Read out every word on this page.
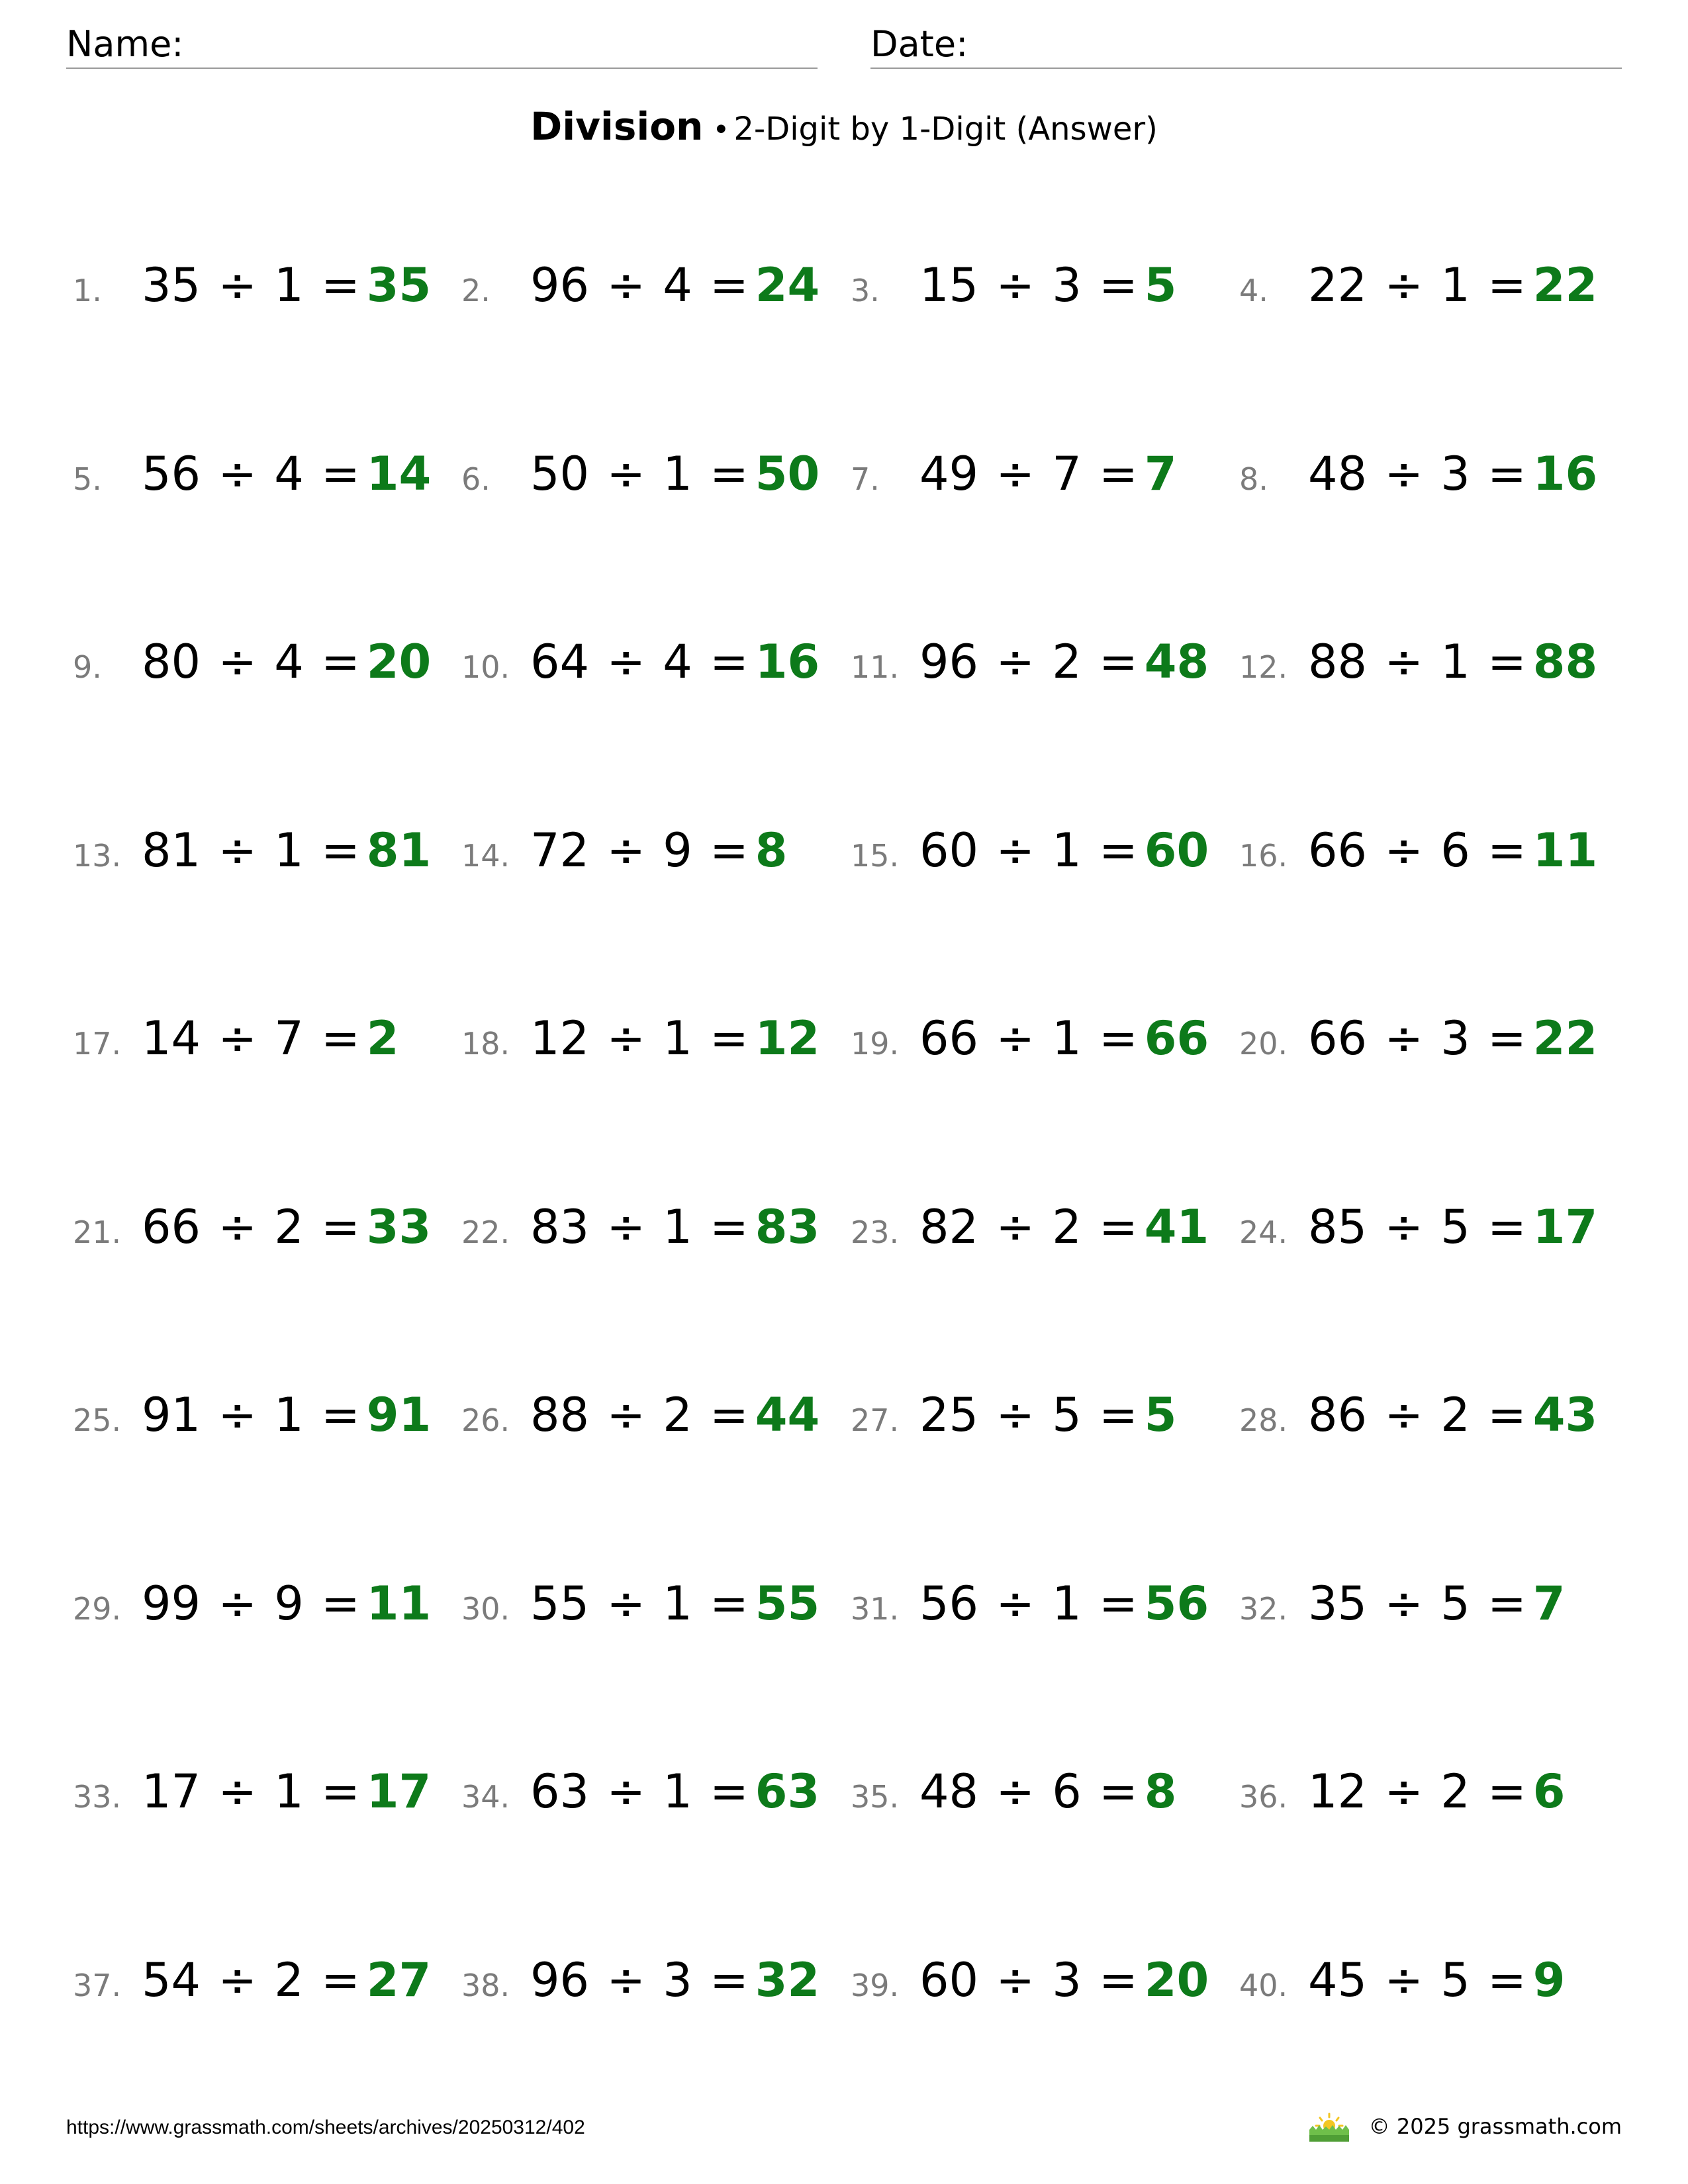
Name:	Date:
Division • 2-Digit by 1-Digit (Answer)
1. 35 ÷ 1 = 35 2. 96 ÷ 4 = 24 3. 15 ÷ 3 = 5 4. 22 ÷ 1 = 22
5. 56 ÷ 4 = 14 6. 50 ÷ 1 = 50 7. 49 ÷ 7 = 7 8. 48 ÷ 3 = 16
9. 80 ÷ 4 = 20 10. 64 ÷ 4 = 16 11. 96 ÷ 2 = 48 12. 88 ÷ 1 = 88
13. 81 ÷ 1 = 81 14. 72 ÷ 9 = 8 15. 60 ÷ 1 = 60 16. 66 ÷ 6 = 11
17. 14 ÷ 7 = 2 18. 12 ÷ 1 = 12 19. 66 ÷ 1 = 66 20. 66 ÷ 3 = 22
21. 66 ÷ 2 = 33 22. 83 ÷ 1 = 83 23. 82 ÷ 2 = 41 24. 85 ÷ 5 = 17
25. 91 ÷ 1 = 91 26. 88 ÷ 2 = 44 27. 25 ÷ 5 = 5 28. 86 ÷ 2 = 43
29. 99 ÷ 9 = 11 30. 55 ÷ 1 = 55 31. 56 ÷ 1 = 56 32. 35 ÷ 5 = 7
33. 17 ÷ 1 = 17 34. 63 ÷ 1 = 63 35. 48 ÷ 6 = 8 36. 12 ÷ 2 = 6
37. 54 ÷ 2 = 27 38. 96 ÷ 3 = 32 39. 60 ÷ 3 = 20 40. 45 ÷ 5 = 9
https://www.grassmath.com/sheets/archives/20250312/402	© 2025 grassmath.com
